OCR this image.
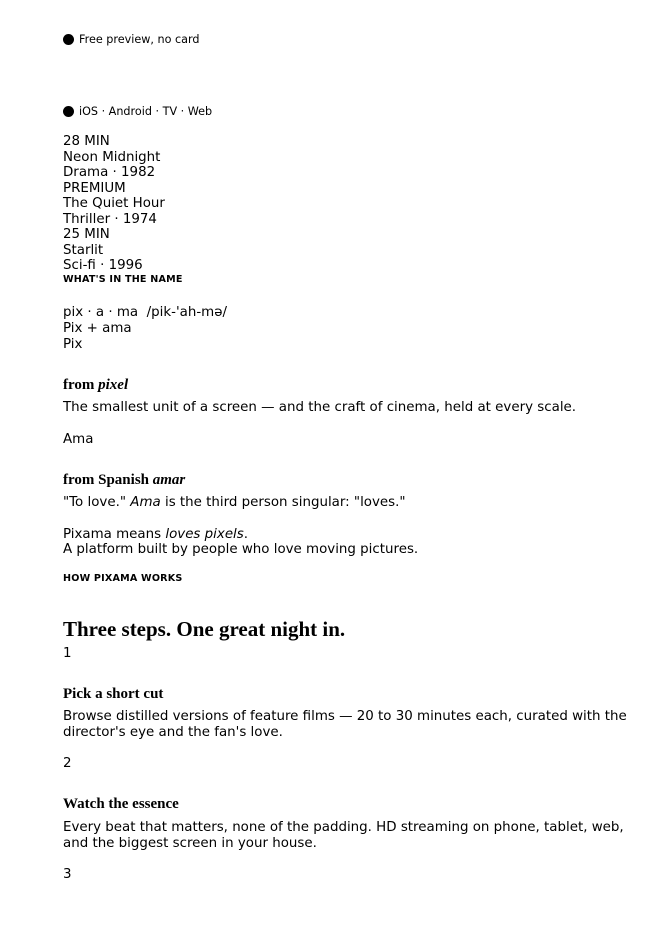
Free preview, no card
iOS · Android · TV · Web
28 MIN
Neon Midnight
Drama · 1982
PREMIUM
The Quiet Hour
Thriller · 1974
25 MIN
Starlit
Sci-fi · 1996
WHAT'S IN THE NAME
pix · a · ma /pik-'ah-mə/
Pix + ama
Pix
from pixel
The smallest unit of a screen — and the craft of cinema, held at every scale.
Ama
from Spanish amar
"To love." Ama is the third person singular: "loves."
Pixama means loves pixels.
A platform built by people who love moving pictures.
HOW PIXAMA WORKS
Three steps. One great night in.
1
Pick a short cut
Browse distilled versions of feature films — 20 to 30 minutes each, curated with the director's eye and the fan's love.
2
Watch the essence
Every beat that matters, none of the padding. HD streaming on phone, tablet, web, and the biggest screen in your house.
3
